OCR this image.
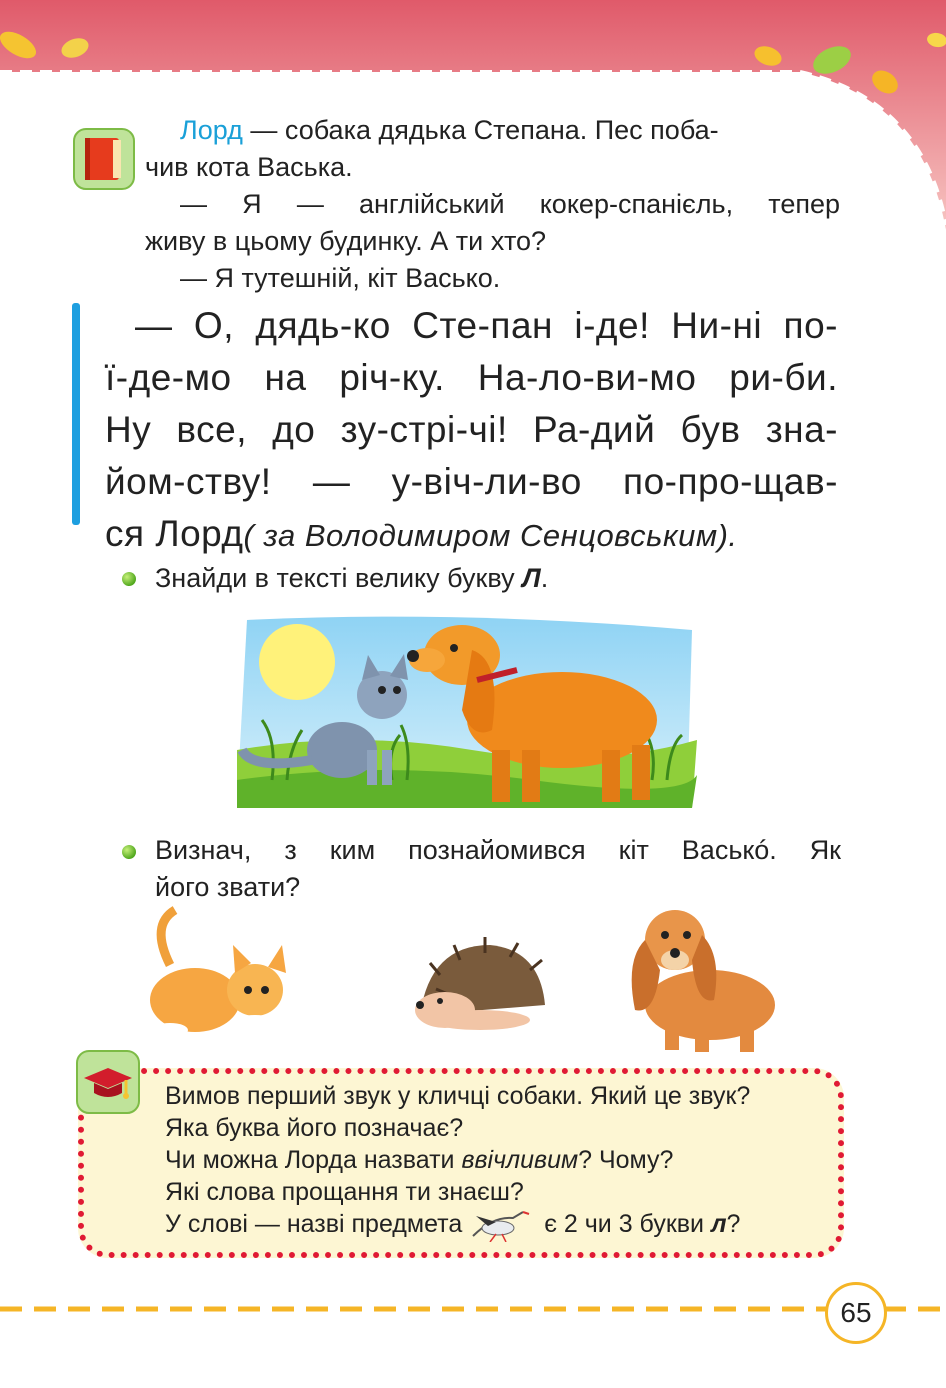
Лорд — собака дядька Степана. Пес поба-

чив кота Васька.

— Я — англійський кокер-спанієль, тепер

живу в цьому будинку. А ти хто?

— Я тутешній, кіт Васько.

— О, дядь-ко Сте-пан і-де! Ни-ні по-

ї-де-мо на річ-ку. На-ло-ви-мо ри-би.

Ну все, до зу-стрі-чі! Ра-дий був зна-

йом-ству! — у-віч-ли-во по-про-щав-

ся Лорд( за Володимиром Сенцовським).

Знайди в тексті велику букву Л.

Визнач, з ким познайомився кіт Васькó. Як

його звати?

Вимов перший звук у кличці собаки. Який це звук?

Яка буква його позначає?

Чи можна Лорда назвати ввічливим? Чому?

Які слова прощання ти знаєш?

У слові — назві предмета	є 2 чи 3 букви л?

65
